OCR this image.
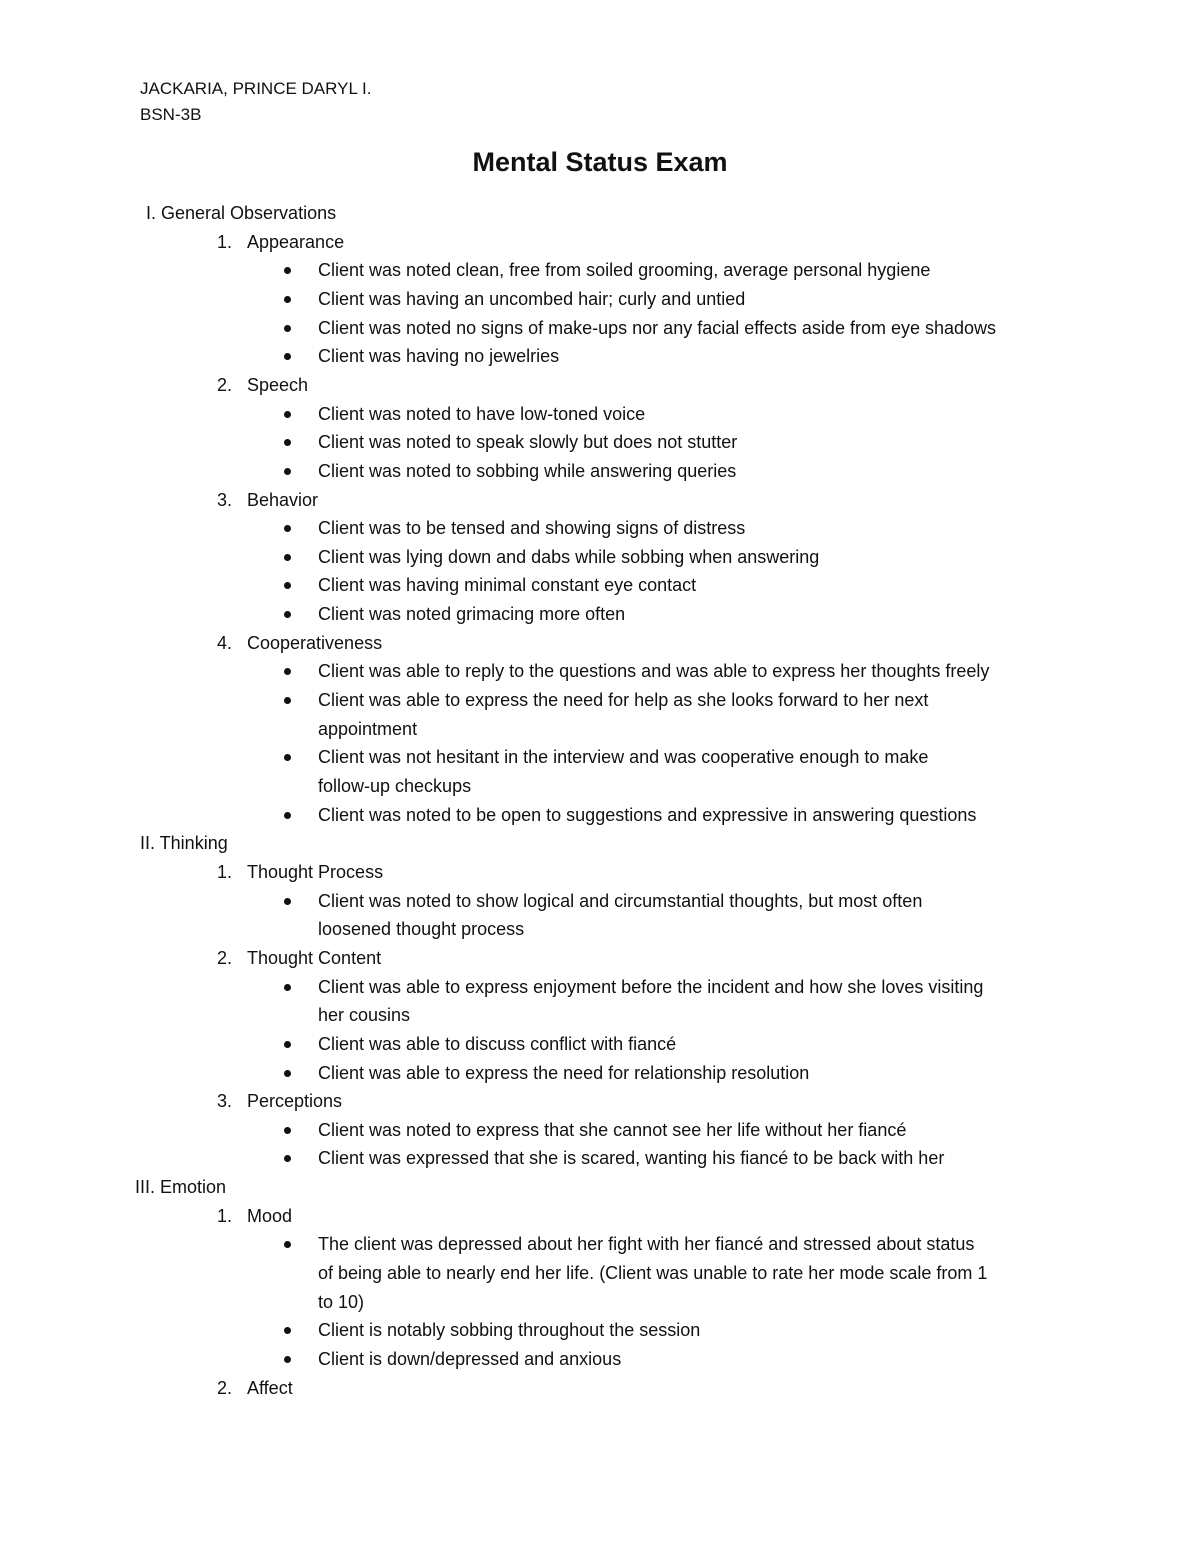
JACKARIA, PRINCE DARYL I.
BSN-3B
Mental Status Exam
I. General Observations
1. Appearance
Client was noted clean, free from soiled grooming, average personal hygiene
Client was having an uncombed hair; curly and untied
Client was noted no signs of make-ups nor any facial effects aside from eye shadows
Client was having no jewelries
2. Speech
Client was noted to have low-toned voice
Client was noted to speak slowly but does not stutter
Client was noted to sobbing while answering queries
3. Behavior
Client was to be tensed and showing signs of distress
Client was lying down and dabs while sobbing when answering
Client was having minimal constant eye contact
Client was noted grimacing more often
4. Cooperativeness
Client was able to reply to the questions and was able to express her thoughts freely
Client was able to express the need for help as she looks forward to her next
appointment
Client was not hesitant in the interview and was cooperative enough to make
follow-up checkups
Client was noted to be open to suggestions and expressive in answering questions
II. Thinking
1. Thought Process
Client was noted to show logical and circumstantial thoughts, but most often
loosened thought process
2. Thought Content
Client was able to express enjoyment before the incident and how she loves visiting
her cousins
Client was able to discuss conflict with fiancé
Client was able to express the need for relationship resolution
3. Perceptions
Client was noted to express that she cannot see her life without her fiancé
Client was expressed that she is scared, wanting his fiancé to be back with her
III. Emotion
1. Mood
The client was depressed about her fight with her fiancé and stressed about status
of being able to nearly end her life. (Client was unable to rate her mode scale from 1
to 10)
Client is notably sobbing throughout the session
Client is down/depressed and anxious
2. Affect
